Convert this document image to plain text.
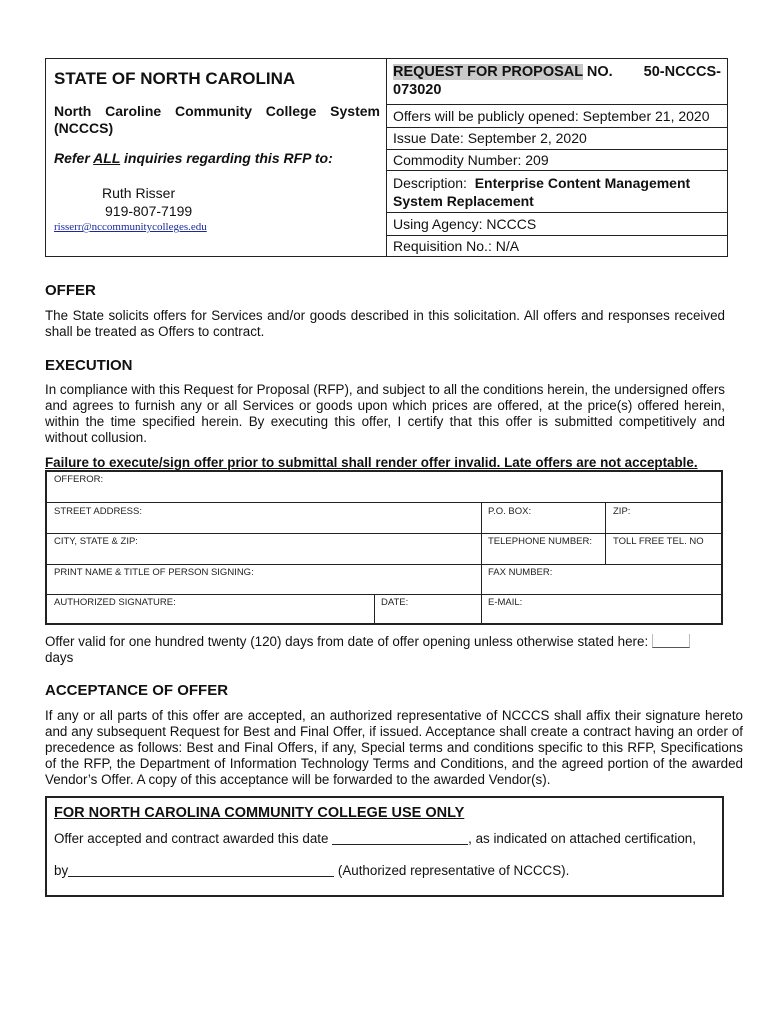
STATE OF NORTH CAROLINA
North Caroline Community College System (NCCCS)
Refer ALL inquiries regarding this RFP to:
Ruth Risser
919-807-7199
risserr@nccommunitycolleges.edu
REQUEST FOR PROPOSAL NO. 50-NCCCS-

073020
Offers will be publicly opened: September 21, 2020
Issue Date: September 2, 2020
Commodity Number: 209
Description: Enterprise Content Management System Replacement
Using Agency: NCCCS
Requisition No.: N/A
OFFER
The State solicits offers for Services and/or goods described in this solicitation. All offers and responses received shall be treated as Offers to contract.
EXECUTION
In compliance with this Request for Proposal (RFP), and subject to all the conditions herein, the undersigned offers and agrees to furnish any or all Services or goods upon which prices are offered, at the price(s) offered herein, within the time specified herein. By executing this offer, I certify that this offer is submitted competitively and without collusion.
Failure to execute/sign offer prior to submittal shall render offer invalid. Late offers are not acceptable.
OFFEROR:
STREET ADDRESS:	P.O. BOX:	ZIP:
CITY, STATE & ZIP:	TELEPHONE NUMBER: TOLL FREE TEL. NO
PRINT NAME & TITLE OF PERSON SIGNING:	FAX NUMBER:
AUTHORIZED SIGNATURE:	DATE:	E-MAIL:
Offer valid for one hundred twenty (120) days from date of offer opening unless otherwise stated here:
days
ACCEPTANCE OF OFFER
If any or all parts of this offer are accepted, an authorized representative of NCCCS shall affix their signature hereto and any subsequent Request for Best and Final Offer, if issued. Acceptance shall create a contract having an order of precedence as follows: Best and Final Offers, if any, Special terms and conditions specific to this RFP, Specifications of the RFP, the Department of Information Technology Terms and Conditions, and the agreed portion of the awarded Vendor’s Offer. A copy of this acceptance will be forwarded to the awarded Vendor(s).
FOR NORTH CAROLINA COMMUNITY COLLEGE USE ONLY
Offer accepted and contract awarded this date	, as indicated on attached certification,
by	(Authorized representative of NCCCS).
